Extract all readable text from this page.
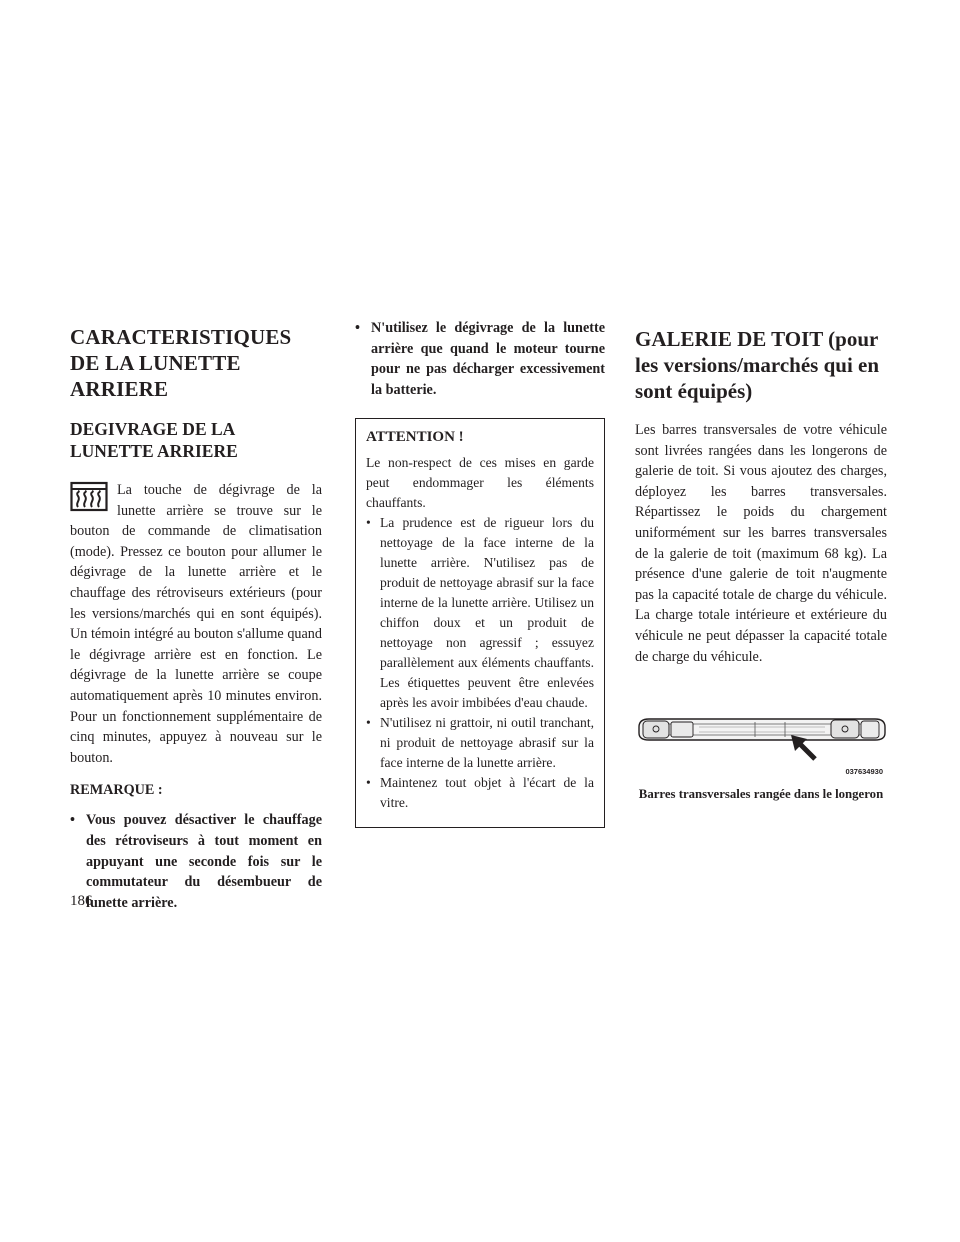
CARACTERISTIQUES DE LA LUNETTE ARRIERE
DEGIVRAGE DE LA LUNETTE ARRIERE

La touche de dégivrage de la lunette arrière se trouve sur le bouton de commande de climatisation (mode). Pressez ce bouton pour allumer le dégivrage de la lunette arrière et le chauffage des rétroviseurs extérieurs (pour les versions/marchés qui en sont équipés). Un témoin intégré au bouton s'allume quand le dégivrage arrière est en fonction. Le dégivrage de la lunette arrière se coupe automatiquement après 10 minutes environ. Pour un fonctionnement supplémentaire de cinq minutes, appuyez à nouveau sur le bouton.

REMARQUE :
• Vous pouvez désactiver le chauffage des rétroviseurs à tout moment en appuyant une seconde fois sur le commutateur du désembueur de lunette arrière.
• N'utilisez le dégivrage de la lunette arrière que quand le moteur tourne pour ne pas décharger excessivement la batterie.
ATTENTION !

Le non-respect de ces mises en garde peut endommager les éléments chauffants.

• La prudence est de rigueur lors du nettoyage de la face interne de la lunette arrière. N'utilisez pas de produit de nettoyage abrasif sur la face interne de la lunette arrière. Utilisez un chiffon doux et un produit de nettoyage non agressif ; essuyez parallèlement aux éléments chauffants. Les étiquettes peuvent être enlevées après les avoir imbibées d'eau chaude.
• N'utilisez ni grattoir, ni outil tranchant, ni produit de nettoyage abrasif sur la face interne de la lunette arrière.
• Maintenez tout objet à l'écart de la vitre.
GALERIE DE TOIT (pour les versions/marchés qui en sont équipés)

Les barres transversales de votre véhicule sont livrées rangées dans les longerons de galerie de toit. Si vous ajoutez des charges, déployez les barres transversales. Répartissez le poids du chargement uniformément sur les barres transversales de la galerie de toit (maximum 68 kg). La présence d'une galerie de toit n'augmente pas la capacité totale de charge du véhicule. La charge totale intérieure et extérieure du véhicule ne peut dépasser la capacité totale de charge du véhicule.

037634930
Barres transversales rangée dans le longeron
186
